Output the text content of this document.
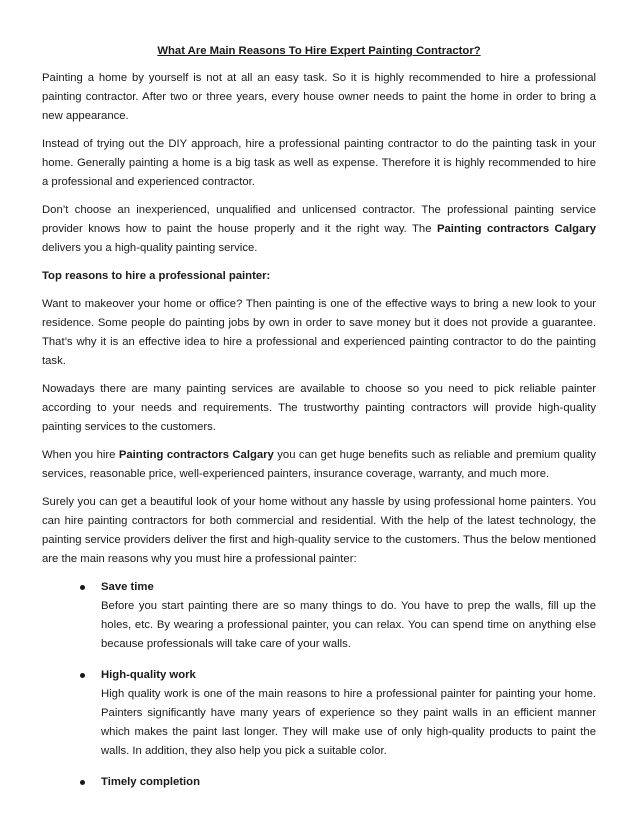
What Are Main Reasons To Hire Expert Painting Contractor?

Painting a home by yourself is not at all an easy task. So it is highly recommended to hire a professional painting contractor. After two or three years, every house owner needs to paint the home in order to bring a new appearance.

Instead of trying out the DIY approach, hire a professional painting contractor to do the painting task in your home. Generally painting a home is a big task as well as expense. Therefore it is highly recommended to hire a professional and experienced contractor.

Don’t choose an inexperienced, unqualified and unlicensed contractor. The professional painting service provider knows how to paint the house properly and it the right way. The Painting contractors Calgary delivers you a high-quality painting service.

Top reasons to hire a professional painter:

Want to makeover your home or office? Then painting is one of the effective ways to bring a new look to your residence. Some people do painting jobs by own in order to save money but it does not provide a guarantee. That’s why it is an effective idea to hire a professional and experienced painting contractor to do the painting task.

Nowadays there are many painting services are available to choose so you need to pick reliable painter according to your needs and requirements. The trustworthy painting contractors will provide high-quality painting services to the customers.

When you hire Painting contractors Calgary you can get huge benefits such as reliable and premium quality services, reasonable price, well-experienced painters, insurance coverage, warranty, and much more.

Surely you can get a beautiful look of your home without any hassle by using professional home painters. You can hire painting contractors for both commercial and residential. With the help of the latest technology, the painting service providers deliver the first and high-quality service to the customers. Thus the below mentioned are the main reasons why you must hire a professional painter:

Save time
Before you start painting there are so many things to do. You have to prep the walls, fill up the holes, etc. By wearing a professional painter, you can relax. You can spend time on anything else because professionals will take care of your walls.
High-quality work
High quality work is one of the main reasons to hire a professional painter for painting your home. Painters significantly have many years of experience so they paint walls in an efficient manner which makes the paint last longer. They will make use of only high-quality products to paint the walls. In addition, they also help you pick a suitable color.
Timely completion
